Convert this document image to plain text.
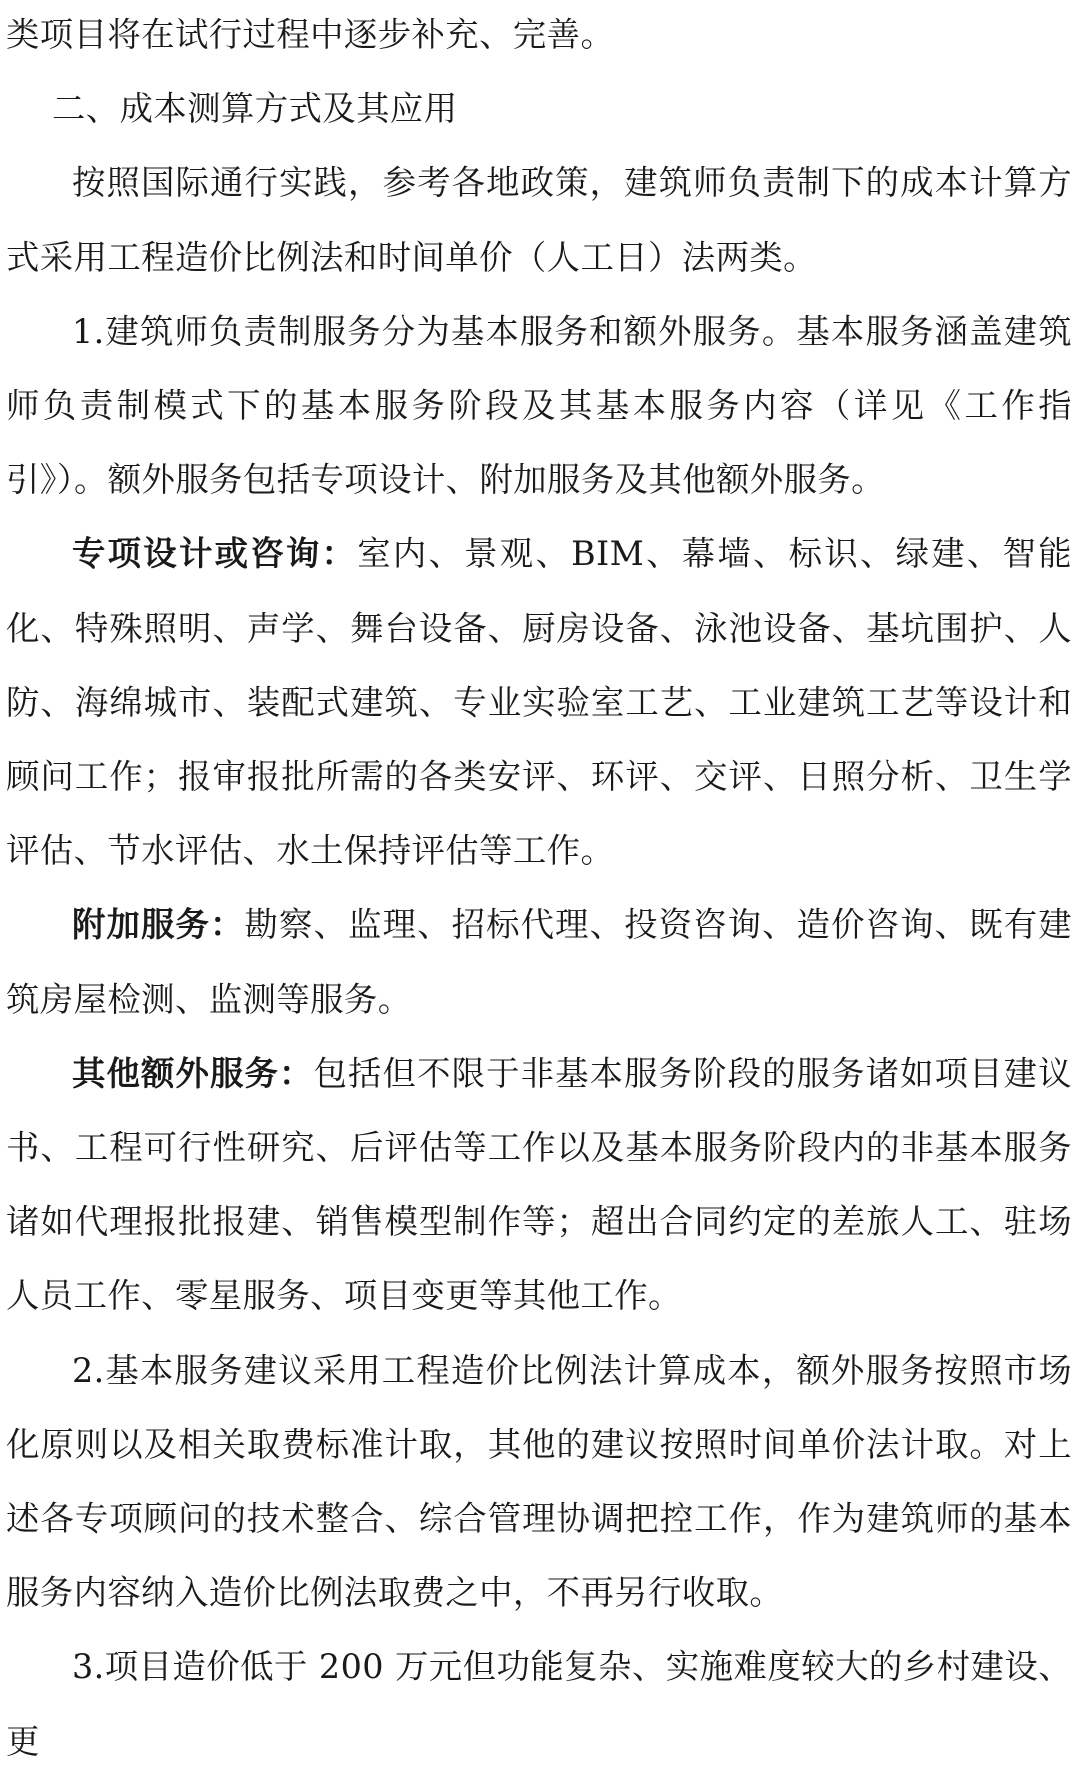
类项目将在试行过程中逐步补充、完善。

二、成本测算方式及其应用

按照国际通行实践，参考各地政策，建筑师负责制下的成本计算方式采用工程造价比例法和时间单价（人工日）法两类。

1.建筑师负责制服务分为基本服务和额外服务。基本服务涵盖建筑师负责制模式下的基本服务阶段及其基本服务内容（详见《工作指引》）。额外服务包括专项设计、附加服务及其他额外服务。

专项设计或咨询：室内、景观、BIM、幕墙、标识、绿建、智能化、特殊照明、声学、舞台设备、厨房设备、泳池设备、基坑围护、人防、海绵城市、装配式建筑、专业实验室工艺、工业建筑工艺等设计和顾问工作；报审报批所需的各类安评、环评、交评、日照分析、卫生学评估、节水评估、水土保持评估等工作。

附加服务：勘察、监理、招标代理、投资咨询、造价咨询、既有建筑房屋检测、监测等服务。

其他额外服务：包括但不限于非基本服务阶段的服务诸如项目建议书、工程可行性研究、后评估等工作以及基本服务阶段内的非基本服务诸如代理报批报建、销售模型制作等；超出合同约定的差旅人工、驻场人员工作、零星服务、项目变更等其他工作。

2.基本服务建议采用工程造价比例法计算成本，额外服务按照市场化原则以及相关取费标准计取，其他的建议按照时间单价法计取。对上述各专项顾问的技术整合、综合管理协调把控工作，作为建筑师的基本服务内容纳入造价比例法取费之中，不再另行收取。

3.项目造价低于 200 万元但功能复杂、实施难度较大的乡村建设、更
